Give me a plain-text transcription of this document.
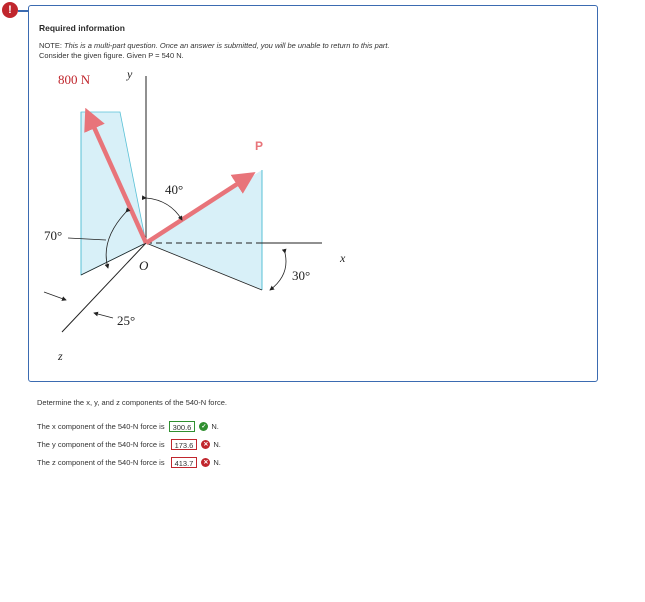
!
Required information
NOTE: This is a multi-part question. Once an answer is submitted, you will be unable to return to this part.
Consider the given figure. Given P = 540 N.
800 N	y
P
40°
70°
O
30°
x
25°
z
Determine the x, y, and z components of the 540-N force.
The x component of the 540-N force is	300.6	✓ N.
The y component of the 540-N force is	173.6	✕ N.
The z component of the 540-N force is	413.7	✕ N.
